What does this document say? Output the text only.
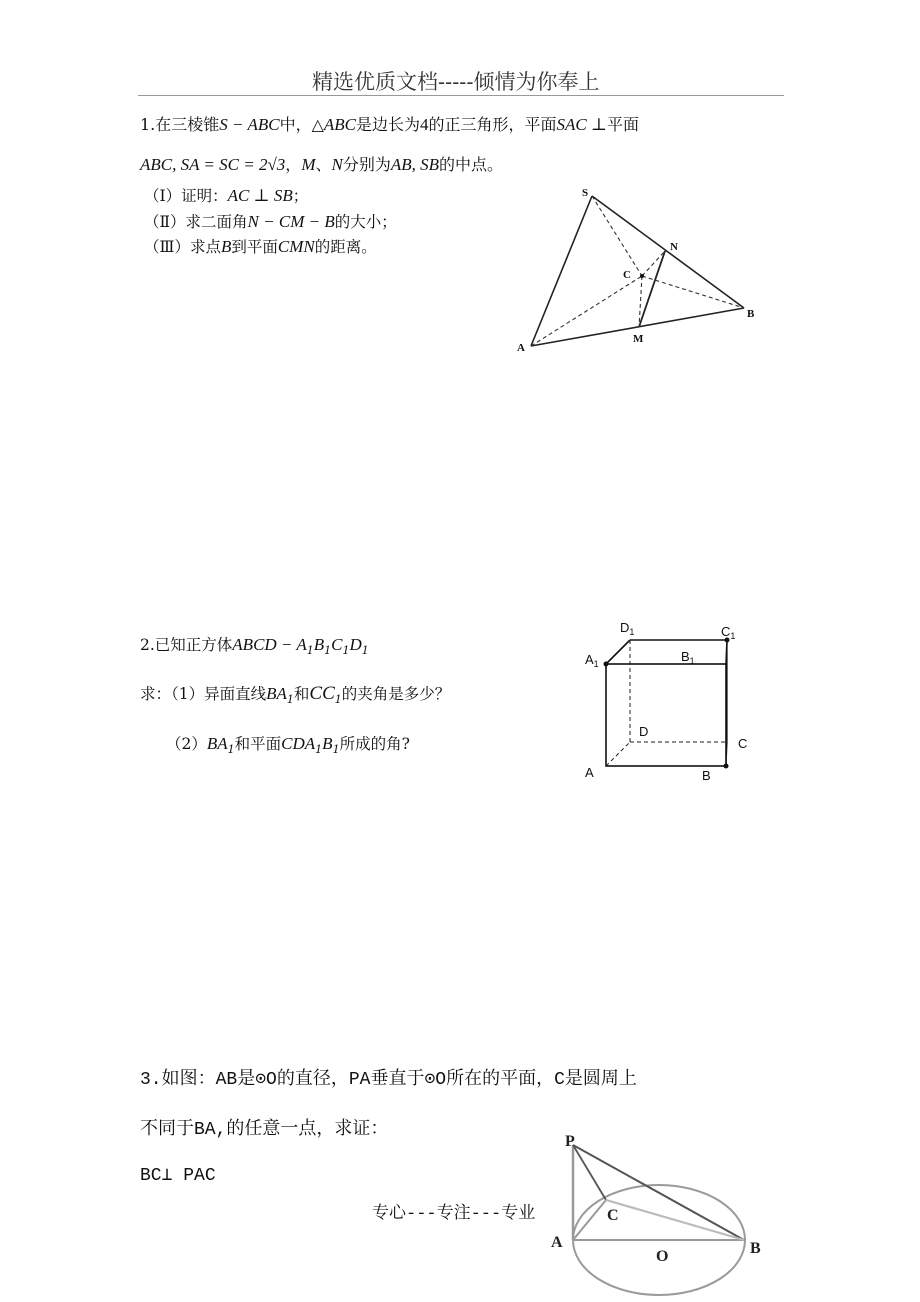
精选优质文档-----倾情为你奉上
1.在三棱锥S − ABC中，△ABC是边长为4的正三角形，平面SAC ⊥平面
ABC, SA = SC = 2√3，M、N分别为AB, SB的中点。
（Ⅰ）证明：AC ⊥ SB；
（Ⅱ）求二面角N − CM − B的大小；
（Ⅲ）求点B到平面CMN的距离。
S
N
C
B
M
A
2.已知正方体ABCD − $A_1B_1C_1D_1$
求：（1）异面直线$BA_1$和$CC_1$的夹角是多少？
$(2)BA_1$和平面$CDA_1B_1$所成的角?
$D_1$	$C_1$
$A_1$	$B_1$
D
C
A	B
3.如图：AB是⊙O的直径，PA垂直于⊙O所在的平面，C是圆周上
不同于BA,的任意一点，求证：
BC⊥ PAC
专心---专注---专业
P
C
A
O	B
